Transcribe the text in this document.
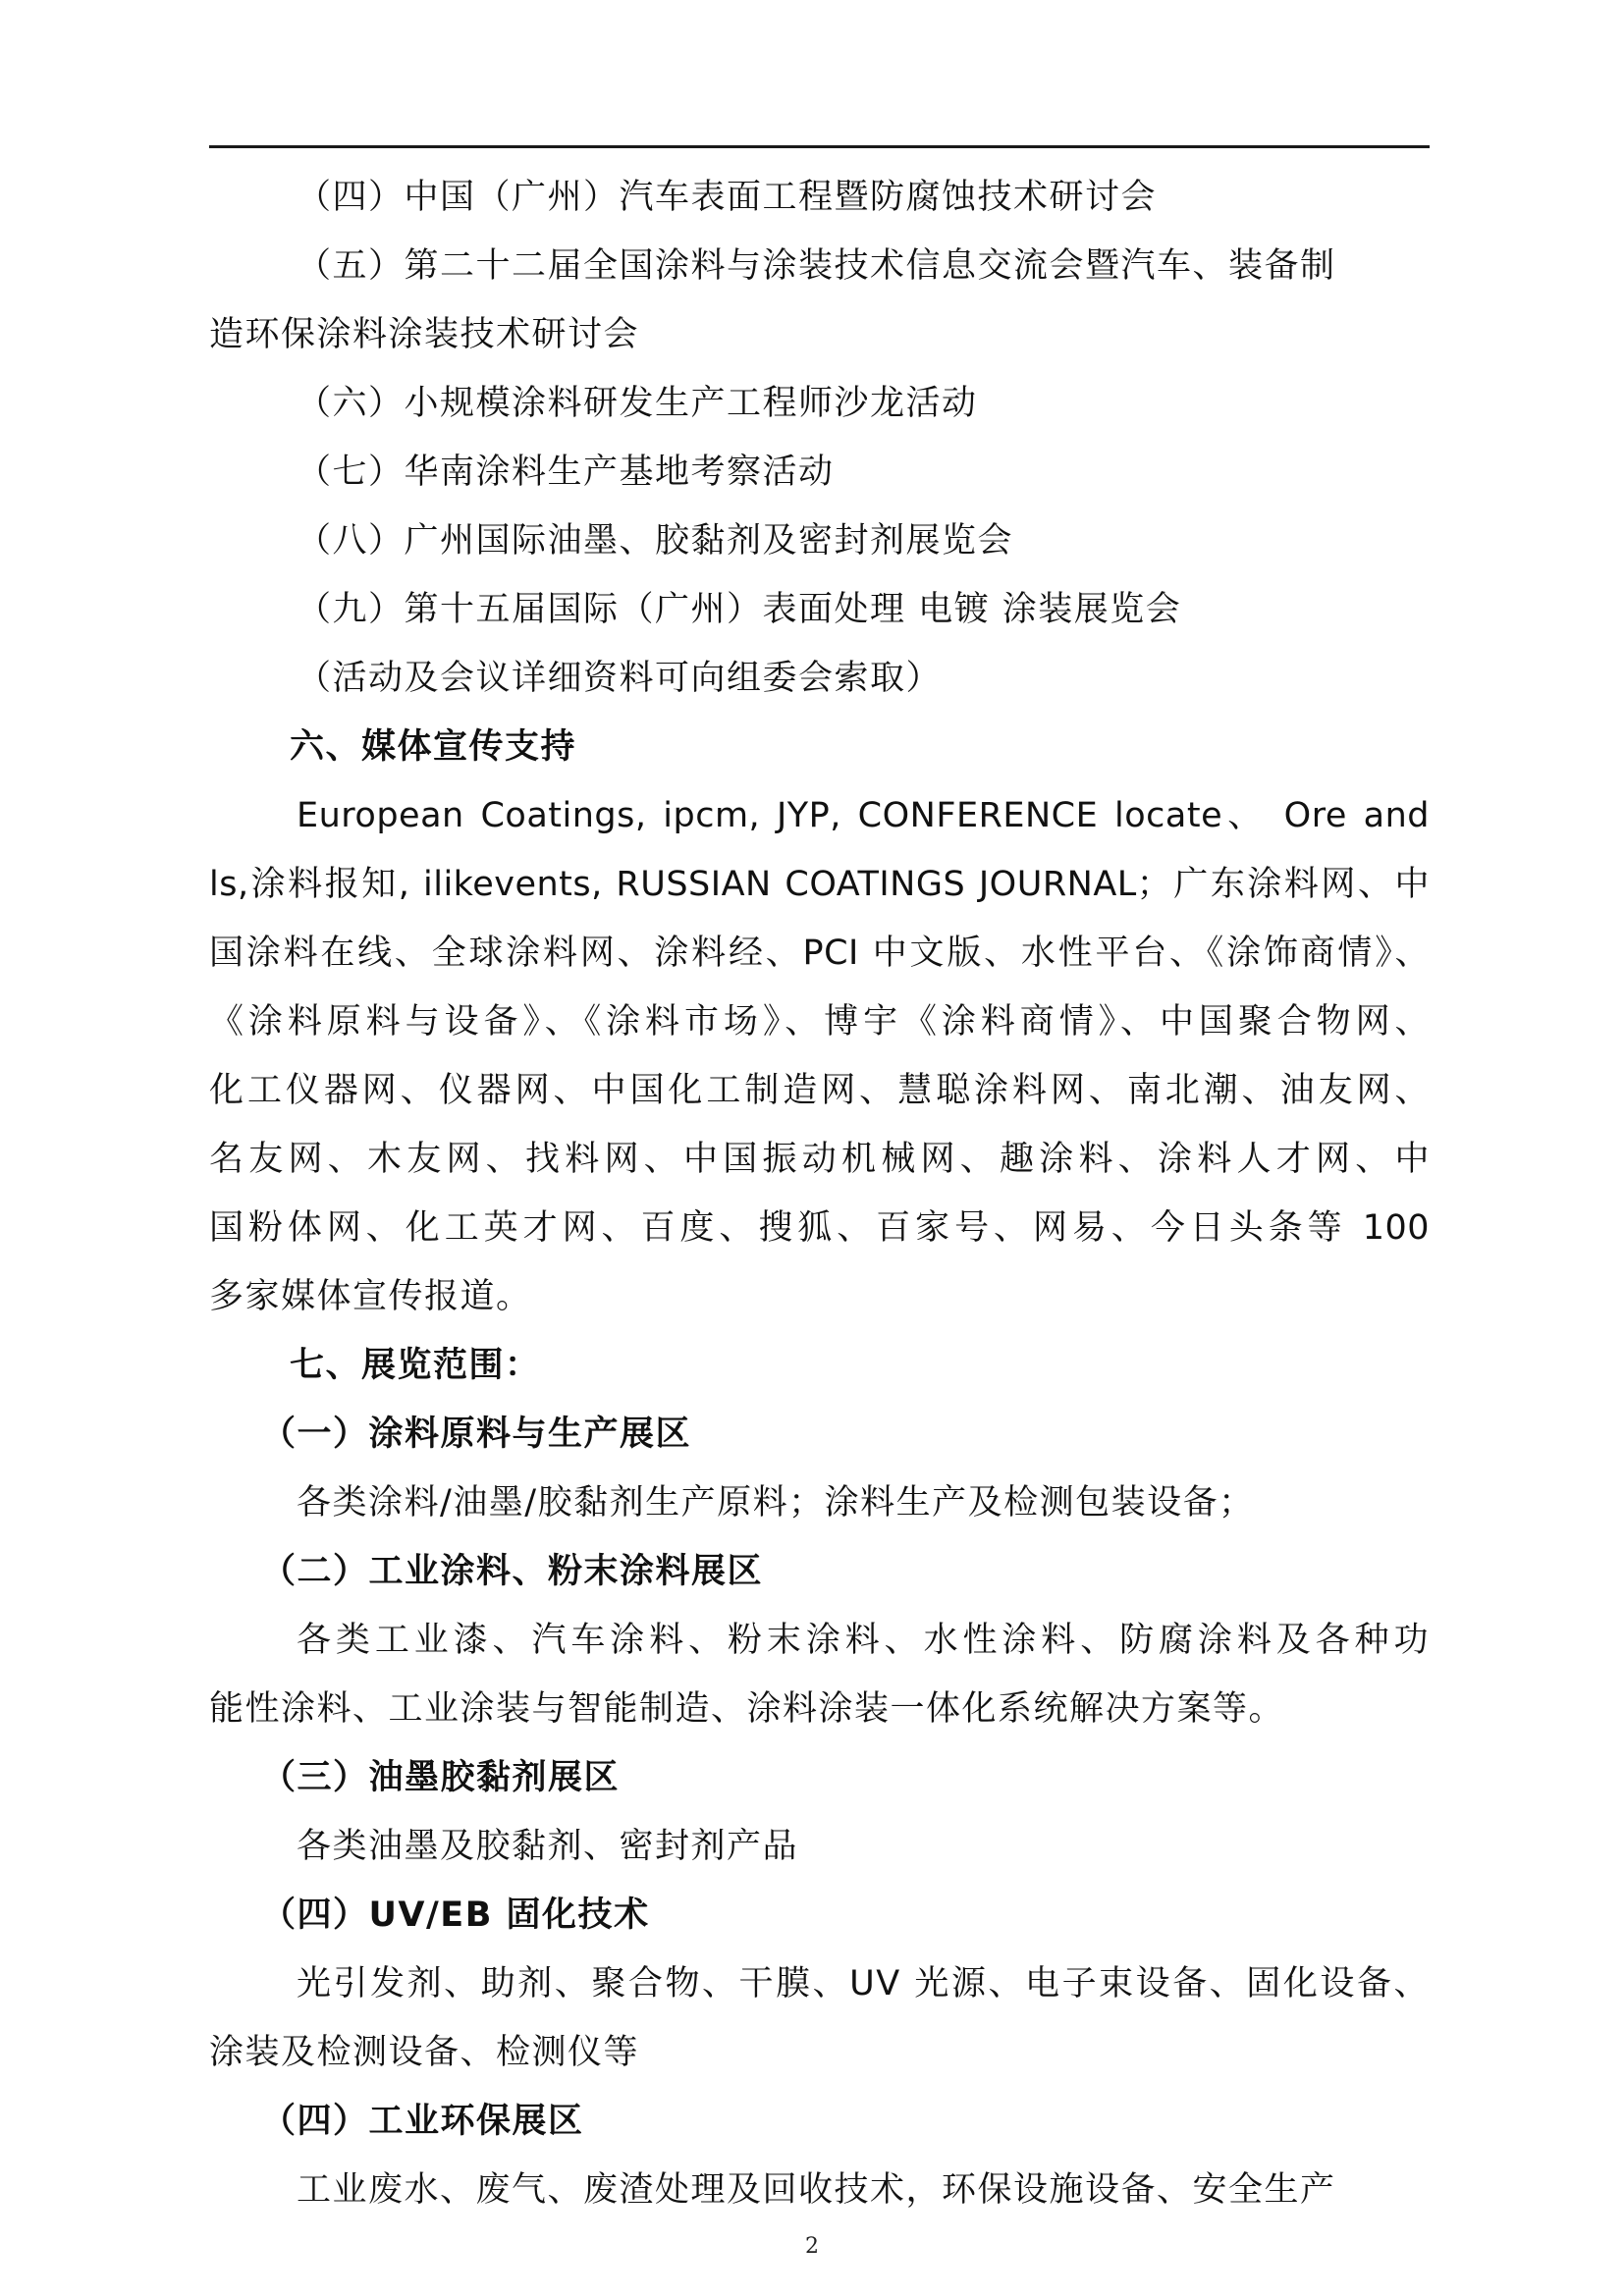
（四）中国（广州）汽车表面工程暨防腐蚀技术研讨会
（五）第二十二届全国涂料与涂装技术信息交流会暨汽车、装备制
造环保涂料涂装技术研讨会
（六）小规模涂料研发生产工程师沙龙活动
（七）华南涂料生产基地考察活动
（八）广州国际油墨、胶黏剂及密封剂展览会
（九）第十五届国际（广州）表面处理 电镀 涂装展览会
（活动及会议详细资料可向组委会索取）
六、媒体宣传支持
European Coatings, ipcm, JYP, CONFERENCE locate、 Ore and
ls,涂料报知, ilikevents, RUSSIAN COATINGS JOURNAL；广东涂料网、中
国涂料在线、全球涂料网、涂料经、PCI 中文版、水性平台、《涂饰商情》、
《涂料原料与设备》、《涂料市场》、博宇《涂料商情》、中国聚合物网、
化工仪器网、仪器网、中国化工制造网、慧聪涂料网、南北潮、油友网、
名友网、木友网、找料网、中国振动机械网、趣涂料、涂料人才网、中
国粉体网、化工英才网、百度、搜狐、百家号、网易、今日头条等 100
多家媒体宣传报道。
七、展览范围：
（一）涂料原料与生产展区
各类涂料/油墨/胶黏剂生产原料；涂料生产及检测包装设备；
（二）工业涂料、粉末涂料展区
各类工业漆、汽车涂料、粉末涂料、水性涂料、防腐涂料及各种功
能性涂料、工业涂装与智能制造、涂料涂装一体化系统解决方案等。
（三）油墨胶黏剂展区
各类油墨及胶黏剂、密封剂产品
（四）UV/EB 固化技术
光引发剂、助剂、聚合物、干膜、UV 光源、电子束设备、固化设备、
涂装及检测设备、检测仪等
（四）工业环保展区
工业废水、废气、废渣处理及回收技术，环保设施设备、安全生产
2
